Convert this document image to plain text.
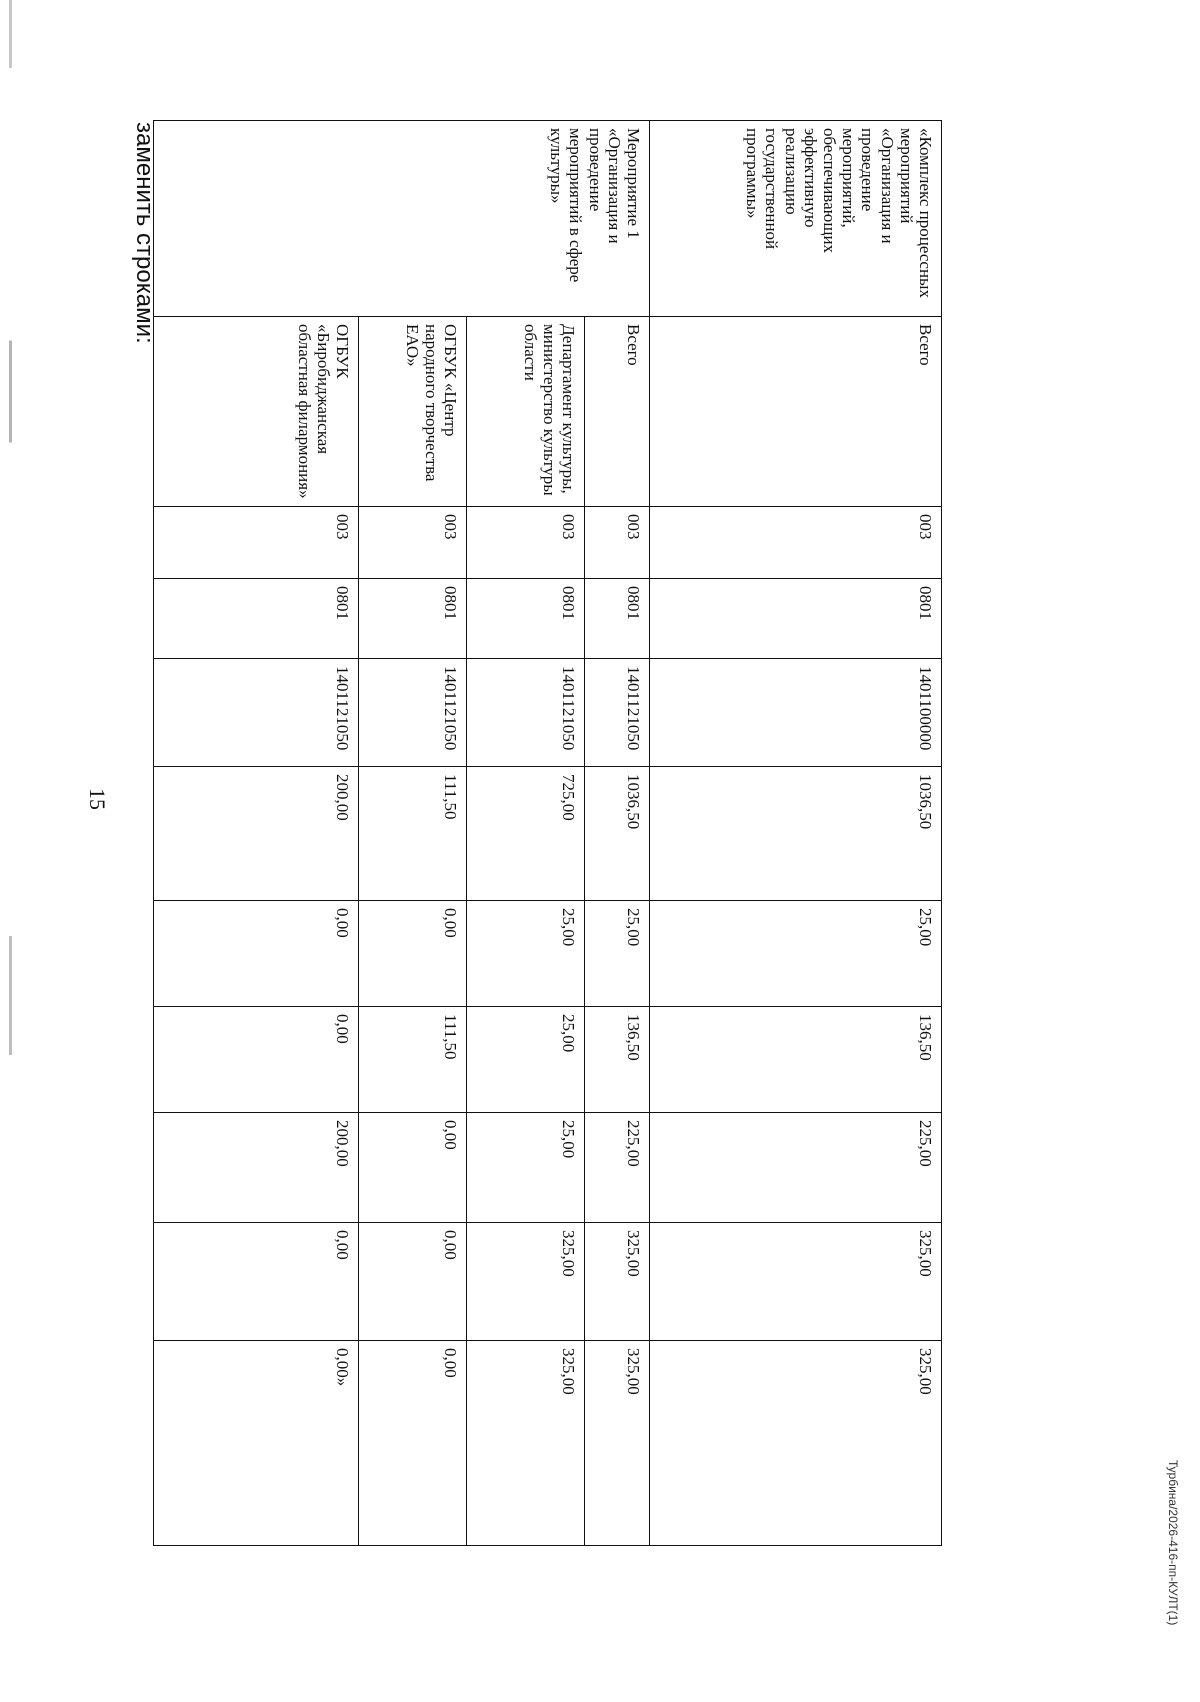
15
Турбина/2026-416-пп-КУЛТ(1)
«Комплекс процессных мероприятий «Организация и проведение мероприятий, обеспечивающих эффективную реализацию государственной программы»	Всего	003	0801	1401100000	1036,50	25,00	136,50	225,00	325,00	325,00
Мероприятие 1 «Организация и проведение мероприятий в сфере культуры»	Всего	003	0801	1401121050	1036,50	25,00	136,50	225,00	325,00	325,00
	Департамент культуры, министерство культуры области	003	0801	1401121050	725,00	25,00	25,00	25,00	325,00	325,00
	ОГБУК «Центр народного творчества ЕАО»	003	0801	1401121050	111,50	0,00	111,50	0,00	0,00	0,00
	ОГБУК «Биробиджанская областная филармония»	003	0801	1401121050	200,00	0,00	0,00	200,00	0,00	0,00»
заменить строками:
